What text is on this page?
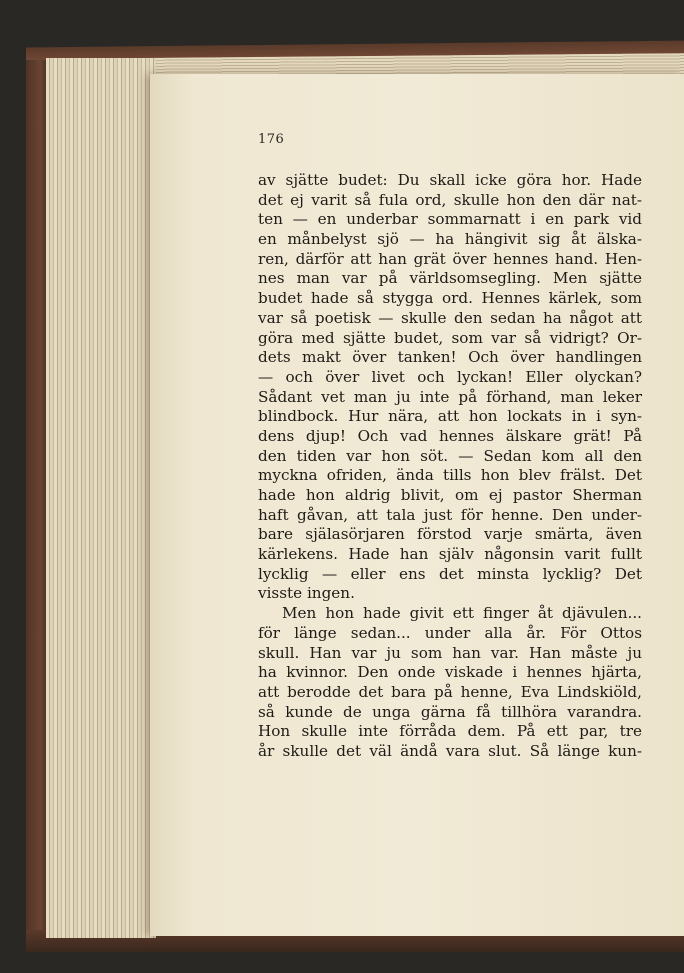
176
av sjätte budet: Du skall icke göra hor. Hade
det ej varit så fula ord, skulle hon den där nat-
ten — en underbar sommarnatt i en park vid
en månbelyst sjö — ha hängivit sig åt älska-
ren, därför att han grät över hennes hand. Hen-
nes man var på världsomsegling. Men sjätte
budet hade så stygga ord. Hennes kärlek, som
var så poetisk — skulle den sedan ha något att
göra med sjätte budet, som var så vidrigt? Or-
dets makt över tanken! Och över handlingen
— och över livet och lyckan! Eller olyckan?
Sådant vet man ju inte på förhand, man leker
blindbock. Hur nära, att hon lockats in i syn-
dens djup! Och vad hennes älskare grät! På
den tiden var hon söt. — Sedan kom all den
myckna ofriden, ända tills hon blev frälst. Det
hade hon aldrig blivit, om ej pastor Sherman
haft gåvan, att tala just för henne. Den under-
bare själasörjaren förstod varje smärta, även
kärlekens. Hade han själv någonsin varit fullt
lycklig — eller ens det minsta lycklig? Det
visste ingen.
Men hon hade givit ett finger åt djävulen...
för länge sedan... under alla år. För Ottos
skull. Han var ju som han var. Han måste ju
ha kvinnor. Den onde viskade i hennes hjärta,
att berodde det bara på henne, Eva Lindskiöld,
så kunde de unga gärna få tillhöra varandra.
Hon skulle inte förråda dem. På ett par, tre
år skulle det väl ändå vara slut. Så länge kun-
